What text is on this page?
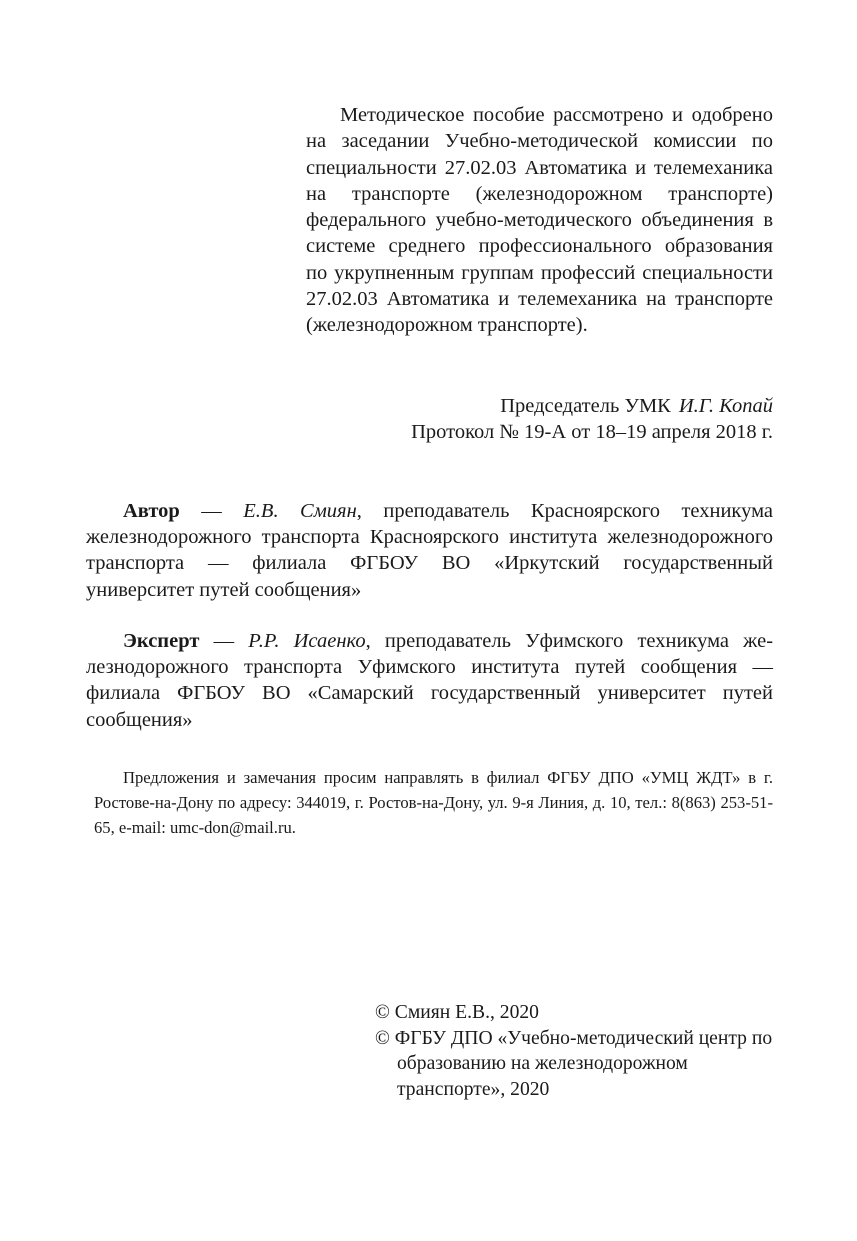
Методическое пособие рассмотрено и одобрено на заседании Учебно-методической комиссии по специальности 27.02.03 Автоматика и телемеханика на транспорте (железнодорожном транспорте) федерального учебно-методического объединения в системе среднего профессионального образования по укрупненным группам профессий специальности 27.02.03 Автоматика и телемеханика на транспорте (железнодорожном транспорте).
Председатель УМК И.Г. Копай
Протокол № 19-А от 18–19 апреля 2018 г.
Автор — Е.В. Смиян, преподаватель Красноярского техникума железнодорожного транспорта Красноярского института железнодорожного транспорта — филиала ФГБОУ ВО «Иркутский государственный университет путей сообщения»
Эксперт — Р.Р. Исаенко, преподаватель Уфимского техникума железнодорожного транспорта Уфимского института путей сообщения — филиала ФГБОУ ВО «Самарский государственный университет путей сообщения»
Предложения и замечания просим направлять в филиал ФГБУ ДПО «УМЦ ЖДТ» в г. Ростове-на-Дону по адресу: 344019, г. Ростов-на-Дону, ул. 9-я Линия, д. 10, тел.: 8(863) 253-51-65, e-mail: umc-don@mail.ru.
© Смиян Е.В., 2020
© ФГБУ ДПО «Учебно-методический центр по образованию на железнодорожном транспорте», 2020
